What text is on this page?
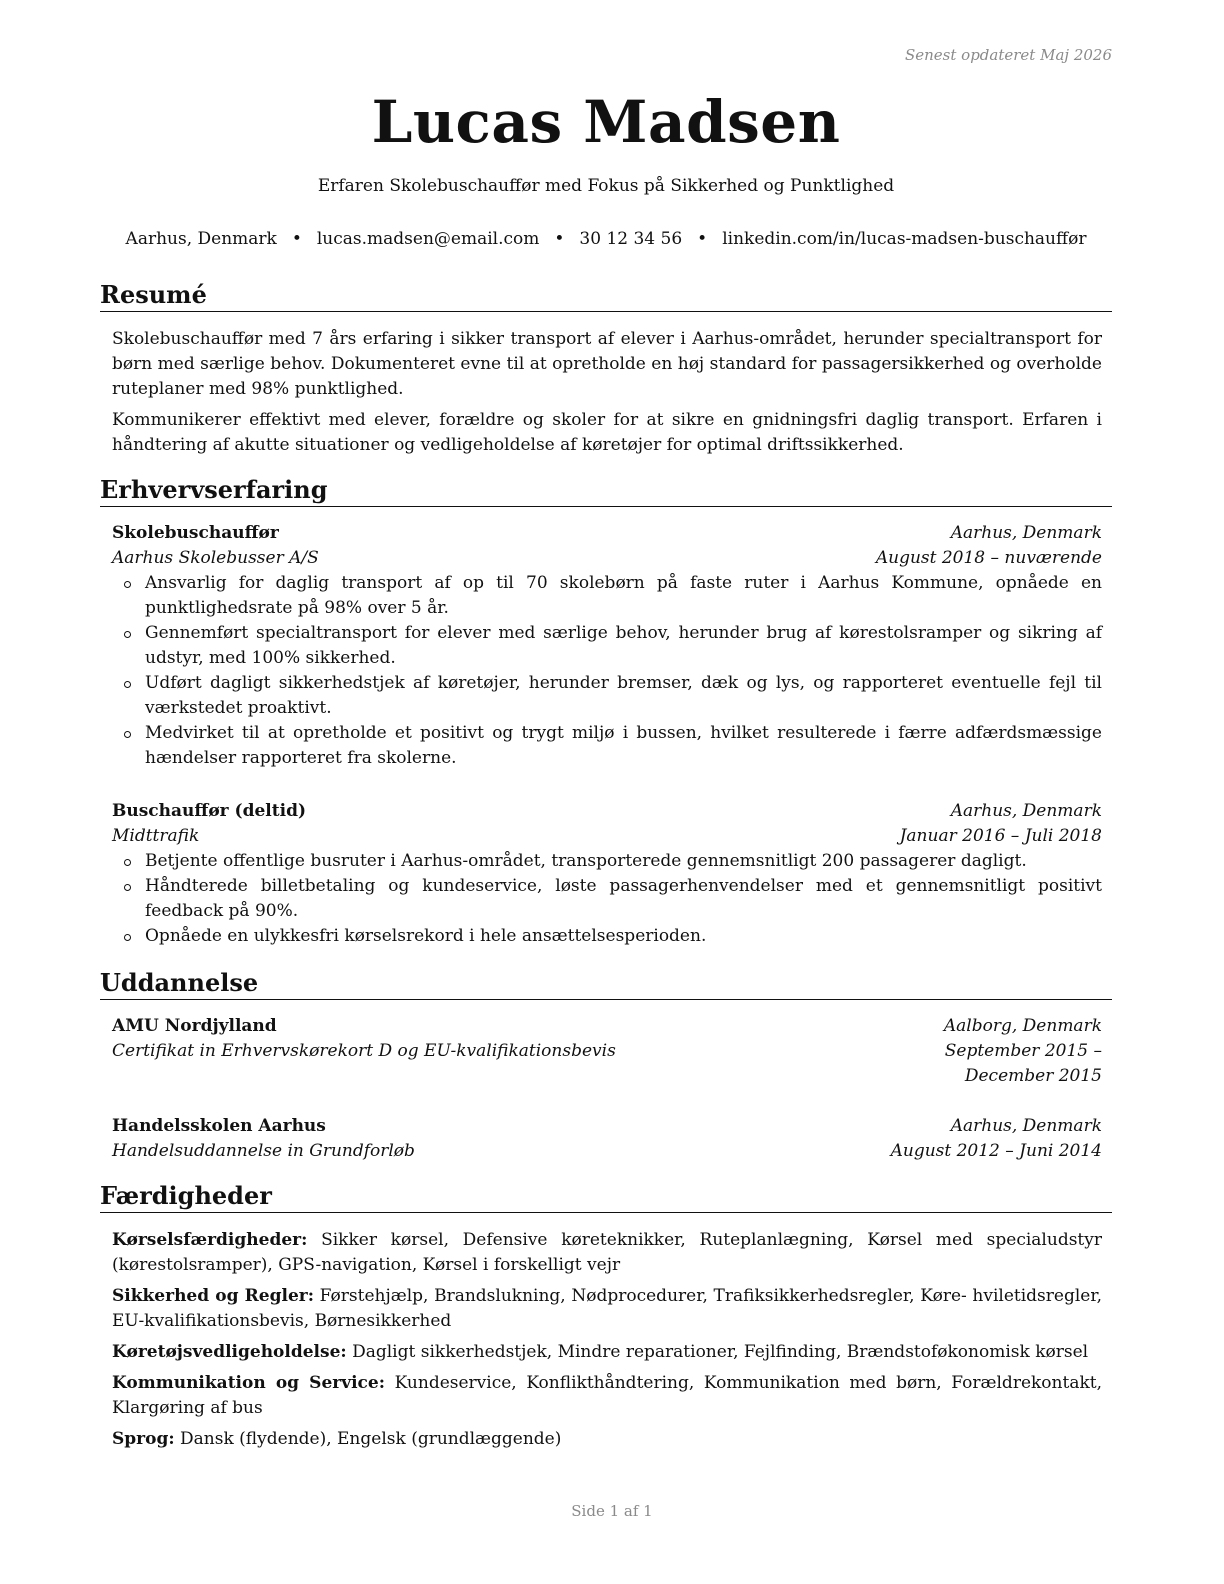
Senest opdateret Maj 2026
Lucas Madsen
Erfaren Skolebuschauffør med Fokus på Sikkerhed og Punktlighed
Aarhus, Denmark • lucas.madsen@email.com • 30 12 34 56 • linkedin.com/in/lucas-madsen-buschauffør
Resumé

Skolebuschauffør med 7 års erfaring i sikker transport af elever i Aarhus-området, herunder specialtransport for børn med særlige behov. Dokumenteret evne til at opretholde en høj standard for passagersikkerhed og overholde ruteplaner med 98% punktlighed.

Kommunikerer effektivt med elever, forældre og skoler for at sikre en gnidningsfri daglig transport. Erfaren i håndtering af akutte situationer og vedligeholdelse af køretøjer for optimal driftssikkerhed.

Erhvervserfaring
Skolebuschauffør	Aarhus, Denmark
Aarhus Skolebusser A/S	August 2018 – nuværende
Ansvarlig for daglig transport af op til 70 skolebørn på faste ruter i Aarhus Kommune, opnåede en punktlighedsrate på 98% over 5 år.
Gennemført specialtransport for elever med særlige behov, herunder brug af kørestolsramper og sikring af udstyr, med 100% sikkerhed.
Udført dagligt sikkerhedstjek af køretøjer, herunder bremser, dæk og lys, og rapporteret eventuelle fejl til værkstedet proaktivt.
Medvirket til at opretholde et positivt og trygt miljø i bussen, hvilket resulterede i færre adfærdsmæssige hændelser rapporteret fra skolerne.
Buschauffør (deltid)	Aarhus, Denmark
Midttrafik	Januar 2016 – Juli 2018
Betjente offentlige busruter i Aarhus-området, transporterede gennemsnitligt 200 passagerer dagligt.
Håndterede billetbetaling og kundeservice, løste passagerhenvendelser med et gennemsnitligt positivt feedback på 90%.
Opnåede en ulykkesfri kørselsrekord i hele ansættelsesperioden.
Uddannelse
AMU Nordjylland	Aalborg, Denmark
Certifikat in Erhvervskørekort D og EU-kvalifikationsbevis	September 2015 – December 2015
Handelsskolen Aarhus	Aarhus, Denmark
Handelsuddannelse in Grundforløb	August 2012 – Juni 2014
Færdigheder

Kørselsfærdigheder: Sikker kørsel, Defensive køreteknikker, Ruteplanlægning, Kørsel med specialudstyr (kørestolsramper), GPS-navigation, Kørsel i forskelligt vejr

Sikkerhed og Regler: Førstehjælp, Brandslukning, Nødprocedurer, Trafiksikkerhedsregler, Køre- hviletidsregler, EU-kvalifikationsbevis, Børnesikkerhed

Køretøjsvedligeholdelse: Dagligt sikkerhedstjek, Mindre reparationer, Fejlfinding, Brændstoføkonomisk kørsel

Kommunikation og Service: Kundeservice, Konflikthåndtering, Kommunikation med børn, Forældrekontakt, Klargøring af bus

Sprog: Dansk (flydende), Engelsk (grundlæggende)

Side 1 af 1
